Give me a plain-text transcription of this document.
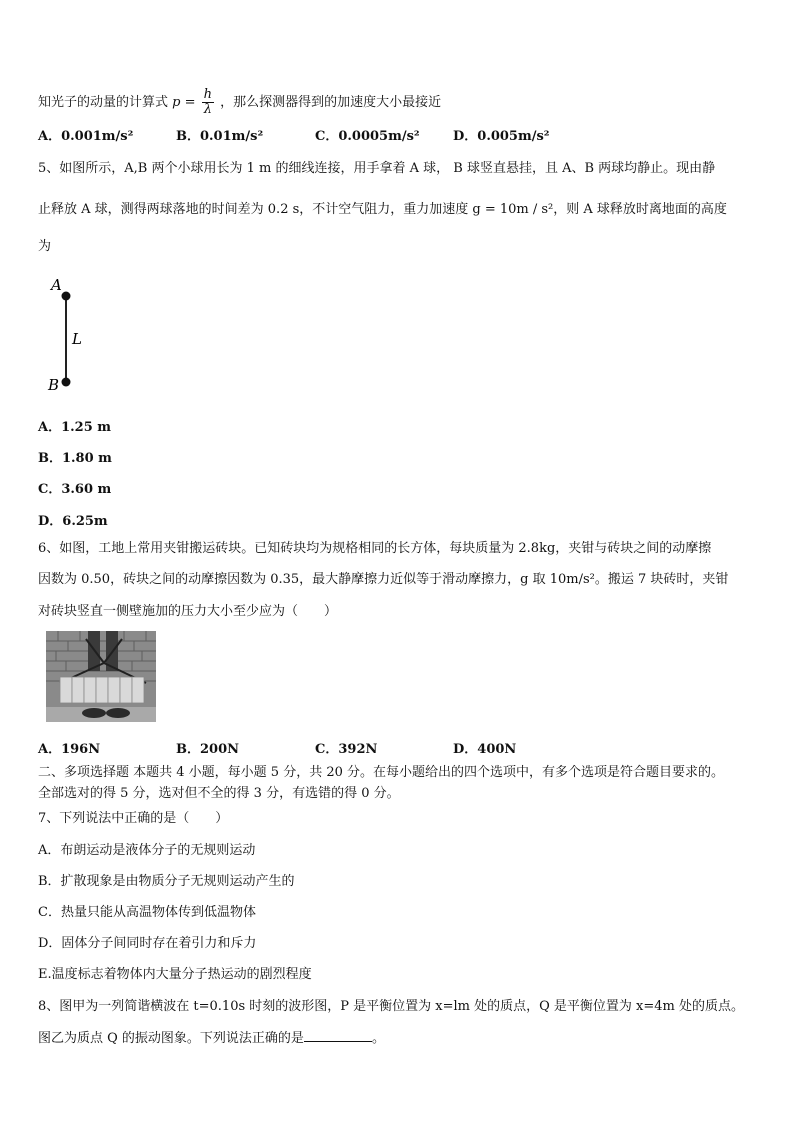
知光子的动量的计算式 $p = \frac{h}{\lambda}$ ，那么探测器得到的加速度大小最接近
A．0.001m/s²	B．0.01m/s²	C．0.0005m/s²	D．0.005m/s²
5、如图所示，A,B 两个小球用长为 1 m 的细线连接，用手拿着 A 球， B 球竖直悬挂，且 A、B 两球均静止。现由静
止释放 A 球，测得两球落地的时间差为 0.2 s，不计空气阻力，重力加速度 g = 10m / s²，则 A 球释放时离地面的高度
为
A
L
B
A．1.25 m
B．1.80 m
C．3.60 m
D．6.25m
6、如图，工地上常用夹钳搬运砖块。已知砖块均为规格相同的长方体，每块质量为 2.8kg，夹钳与砖块之间的动摩擦
因数为 0.50，砖块之间的动摩擦因数为 0.35，最大静摩擦力近似等于滑动摩擦力，g 取 10m/s²。搬运 7 块砖时，夹钳
对砖块竖直一侧壁施加的压力大小至少应为（　　）
A．196N	B．200N	C．392N	D．400N
二、多项选择题 本题共 4 小题，每小题 5 分，共 20 分。在每小题给出的四个选项中，有多个选项是符合题目要求的。
全部选对的得 5 分，选对但不全的得 3 分，有选错的得 0 分。
7、下列说法中正确的是（　　）
A．布朗运动是液体分子的无规则运动
B．扩散现象是由物质分子无规则运动产生的
C．热量只能从高温物体传到低温物体
D．固体分子间同时存在着引力和斥力
E.温度标志着物体内大量分子热运动的剧烈程度
8、图甲为一列简谐横波在 t=0.10s 时刻的波形图，P 是平衡位置为 x=lm 处的质点，Q 是平衡位置为 x=4m 处的质点。
图乙为质点 Q 的振动图象。下列说法正确的是	。
